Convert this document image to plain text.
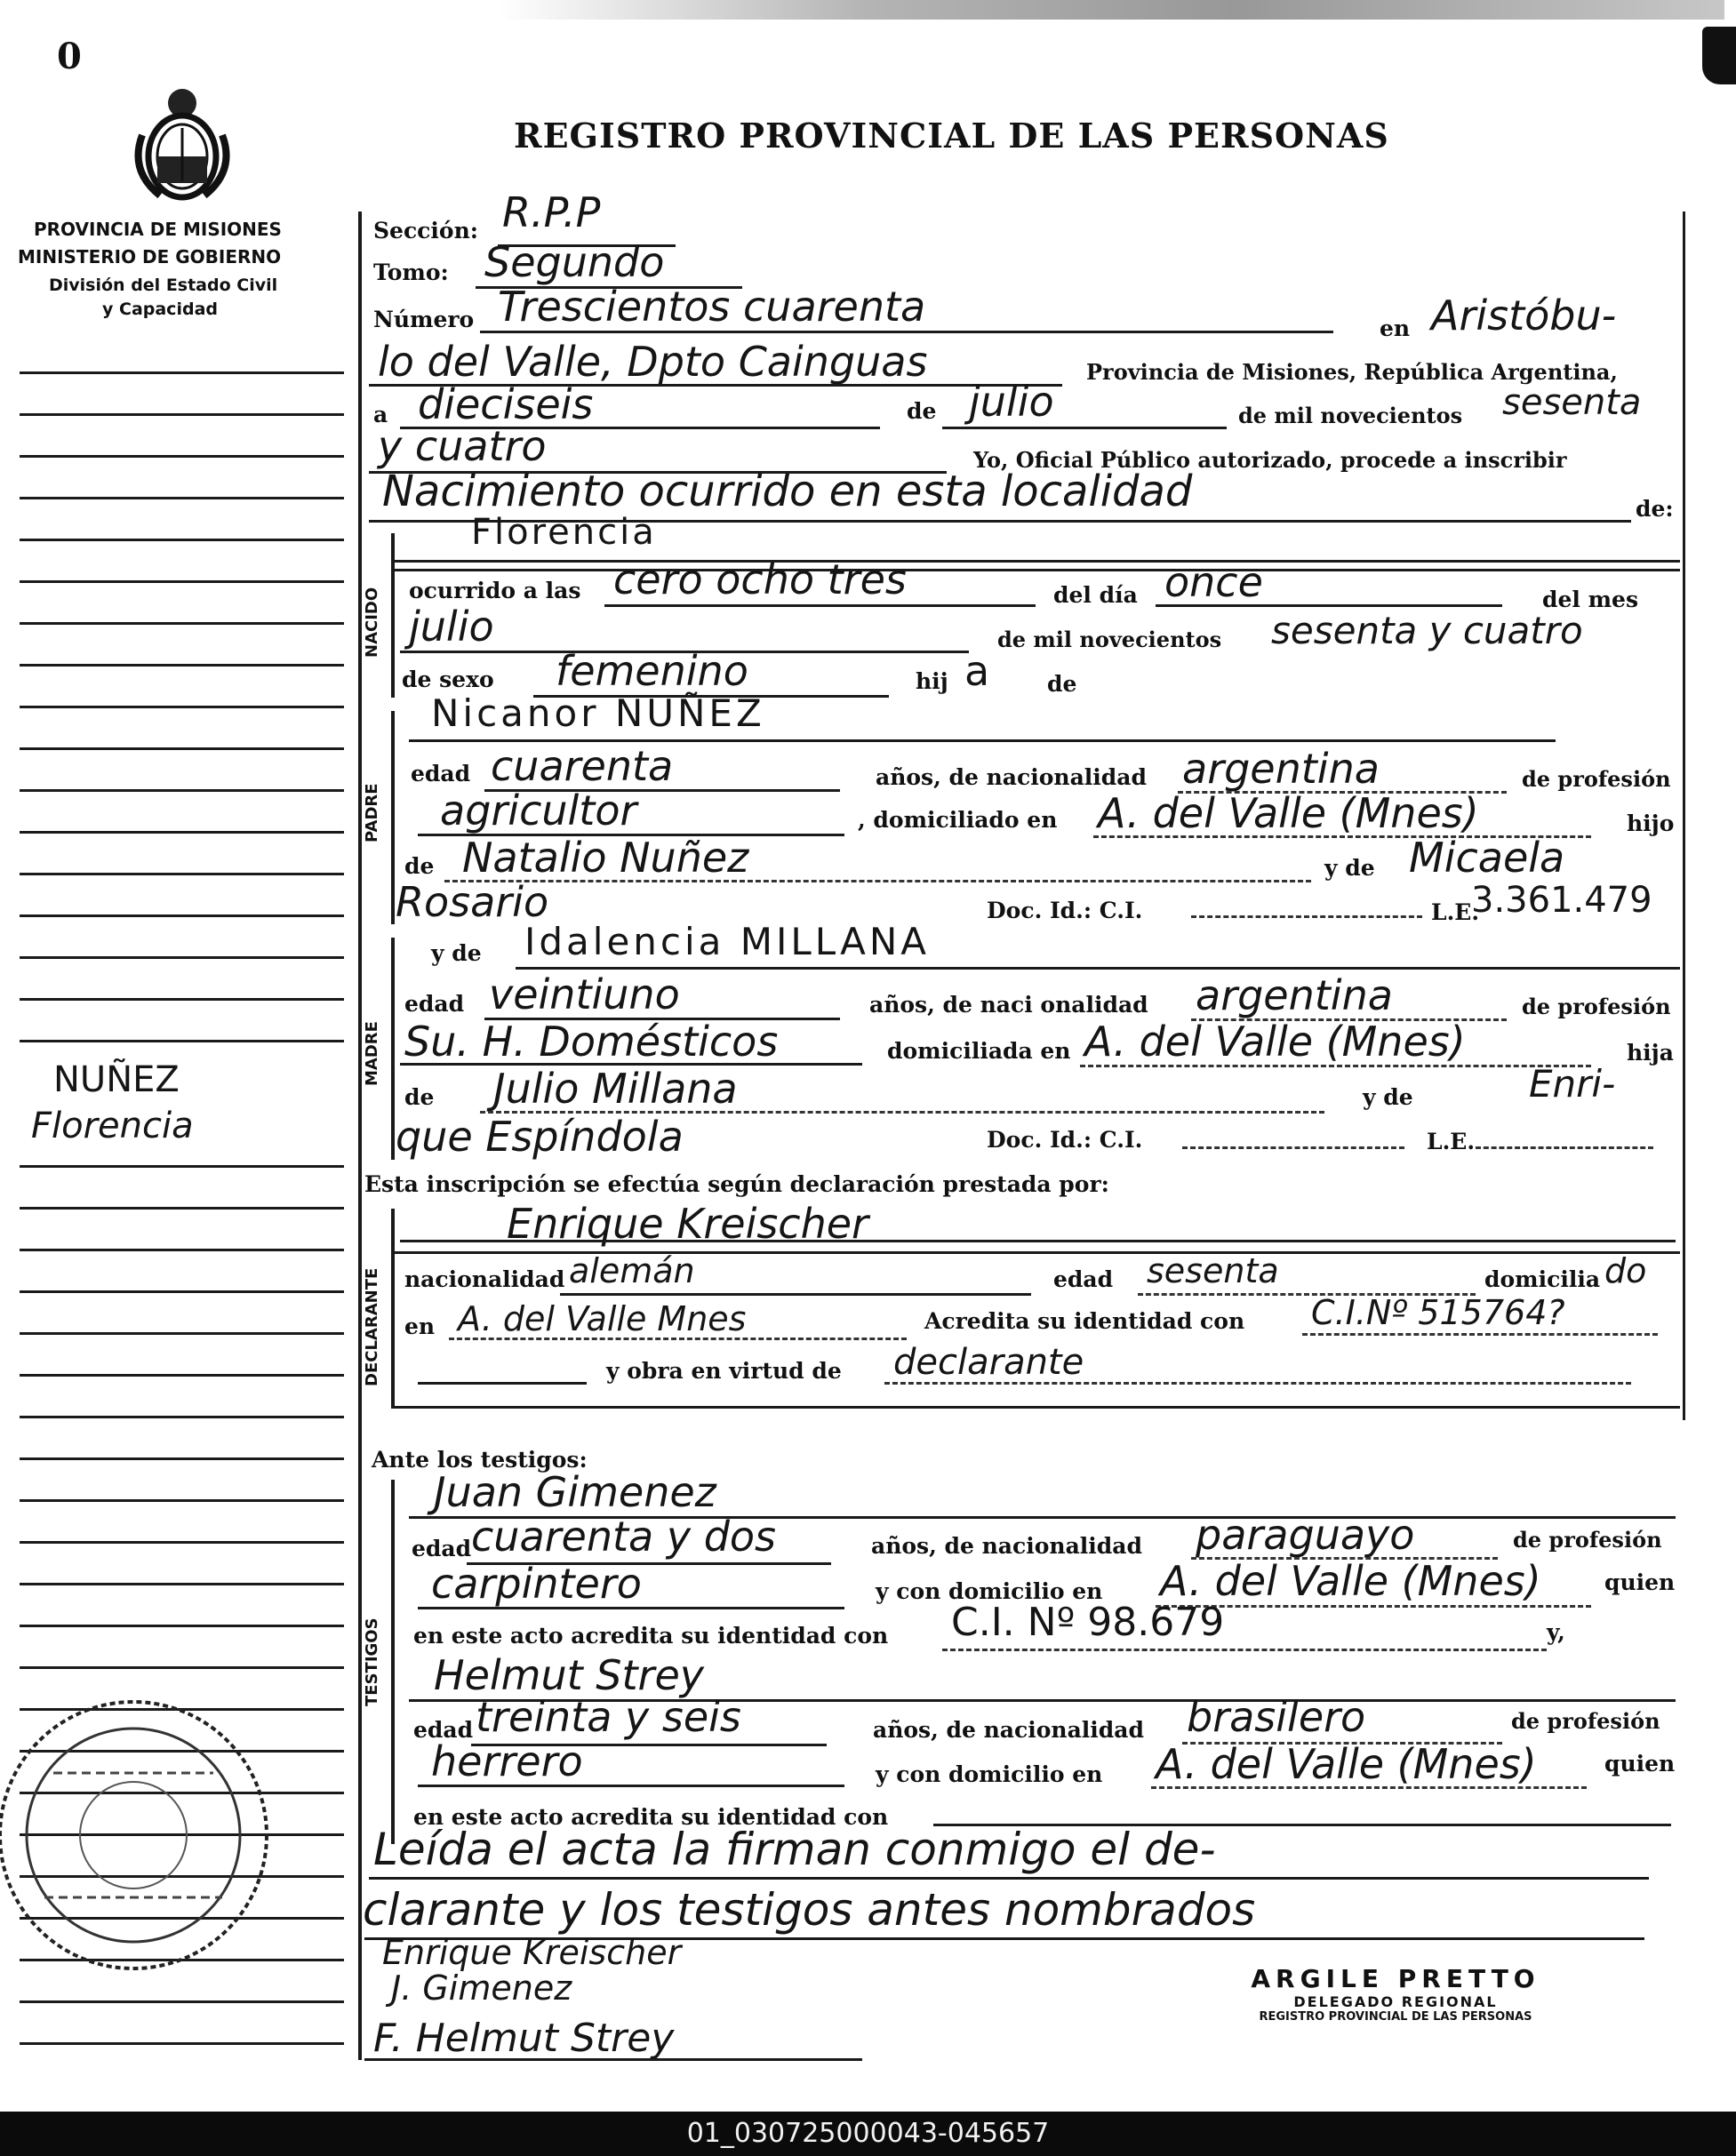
0
REGISTRO PROVINCIAL DE LAS PERSONAS
PROVINCIA DE MISIONES
MINISTERIO DE GOBIERNO
División del Estado Civil
y Capacidad
NUÑEZ
Florencia
NACIDO
PADRE
MADRE
DECLARANTE
TESTIGOS
Sección: R.P.P
Tomo: Segundo
Número Trescientos cuarenta	en Aristóbu-
lo del Valle, Dpto Cainguas	Provincia de Misiones, República Argentina,
a dieciseis	de julio	de mil novecientos sesenta
y cuatro	Yo, Oficial Público autorizado, procede a inscribir
Nacimiento ocurrido en esta localidad	de:
Florencia
ocurrido a las cero ocho tres	del día once	del mes
julio	de mil novecientos sesenta y cuatro
de sexo femenino	hij a	de
Nicanor NUÑEZ
edad cuarenta	años, de nacionalidad argentina	de profesión
agricultor	, domiciliado en A. del Valle (Mnes)	hijo
de Natalio Nuñez	y de Micaela
Rosario	Doc. Id.: C.I.	L.E.
3.361.479
y de Idalencia MILLANA
edad veintiuno	años, de naci onalidad argentina	de profesión
Su. H. Domésticos	domiciliada en A. del Valle (Mnes)	hija
de Julio Millana	y de	Enri-
que Espíndola	Doc. Id.: C.I.	L.E.
Esta inscripción se efectúa según declaración prestada por:
Enrique Kreischer
nacionalidad alemán	edad sesenta	domicilia do
en A. del Valle Mnes	Acredita su identidad con C.I.Nº 515764?
y obra en virtud de declarante
Ante los testigos:
Juan Gimenez
edad cuarenta y dos	años, de nacionalidad paraguayo	de profesión
carpintero	y con domicilio en A. del Valle (Mnes)	quien
en este acto acredita su identidad con C.I. Nº 98.679	y,
Helmut Strey
edad treinta y seis	años, de nacionalidad brasilero	de profesión
herrero	y con domicilio en A. del Valle (Mnes)	quien
en este acto acredita su identidad con
Leída el acta la firman conmigo el de-
clarante y los testigos antes nombrados
Enrique Kreischer
J. Gimenez
F. Helmut Strey
ARGILE PRETTO
DELEGADO REGIONAL
REGISTRO PROVINCIAL DE LAS PERSONAS
01_030725000043-045657
